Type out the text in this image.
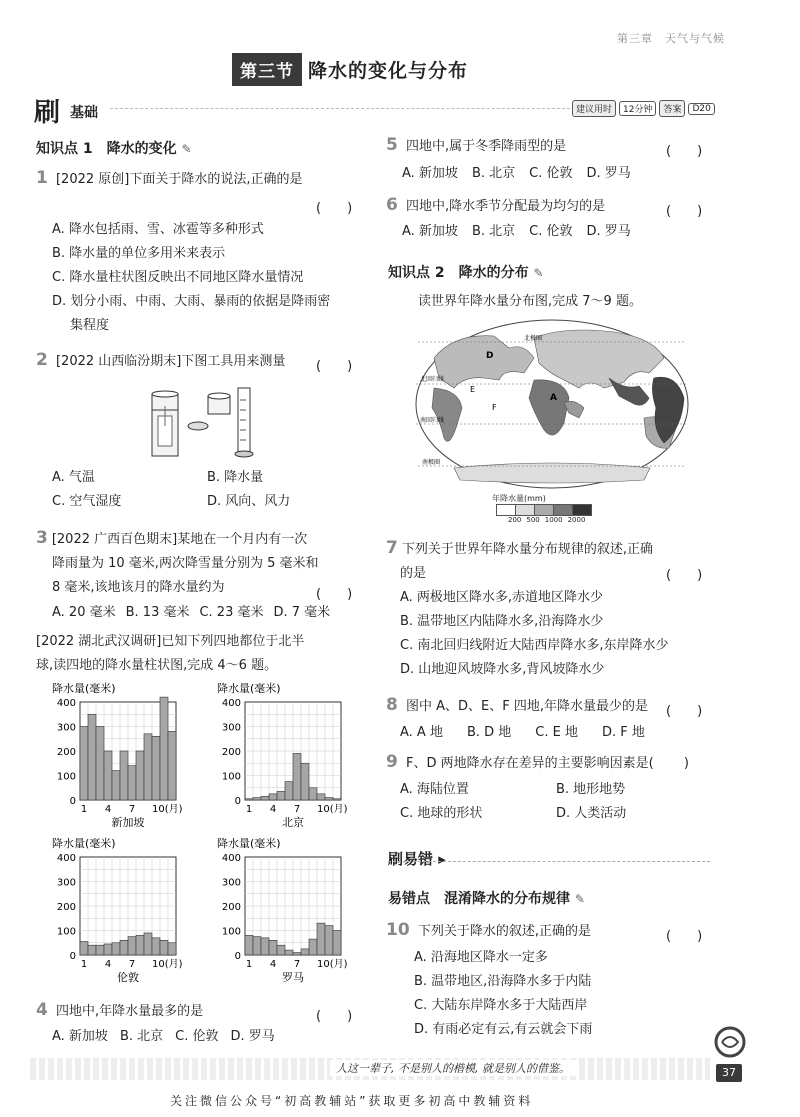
第三章　天气与气候
第三节 降水的变化与分布
刷 基础	建议用时	12分钟	答案	D20
知识点 1　降水的变化 ✎
1 [2022 原创]下面关于降水的说法,正确的是
(　　)
A. 降水包括雨、雪、冰雹等多种形式
B. 降水量的单位多用米来表示
C. 降水量柱状图反映出不同地区降水量情况
D. 划分小雨、中雨、大雨、暴雨的依据是降雨密
集程度
2 [2022 山西临汾期末]下图工具用来测量 (　　)
A. 气温	B. 降水量
C. 空气湿度	D. 风向、风力
3 [2022 广西百色期末]某地在一个月内有一次
降雨量为 10 毫米,两次降雪量分别为 5 毫米和
8 毫米,该地该月的降水量约为	(　　)
A. 20 毫米 B. 13 毫米 C. 23 毫米 D. 7 毫米
[2022 湖北武汉调研]已知下列四地都位于北半
球,读四地的降水量柱状图,完成 4～6 题。
降水量(毫米)
400
300
200
100
0
1 4 7 10(月)
新加坡
降水量(毫米)
400
300
200
100
0
1 4 7 10(月)
北京
降水量(毫米)
400
300
200
100
0
1 4 7 10(月)
伦敦
降水量(毫米)
400
300
200
100
0
1 4 7 10(月)
罗马
4 四地中,年降水量最多的是	(　　)
A. 新加坡 B. 北京 C. 伦敦 D. 罗马
5 四地中,属于冬季降雨型的是	(　　)
A. 新加坡 B. 北京 C. 伦敦 D. 罗马
6 四地中,降水季节分配最为均匀的是	(　　)
A. 新加坡 B. 北京 C. 伦敦 D. 罗马
知识点 2　降水的分布 ✎
读世界年降水量分布图,完成 7～9 题。
D
E
F
A
北回归线
南回归线
北极圈
南极圈
年降水量(mm)
200 500 1000 2000
7 下列关于世界年降水量分布规律的叙述,正确
的是	(　　)
A. 两极地区降水多,赤道地区降水少
B. 温带地区内陆降水多,沿海降水少
C. 南北回归线附近大陆西岸降水多,东岸降水少
D. 山地迎风坡降水多,背风坡降水少
8 图中 A、D、E、F 四地,年降水量最少的是 (　　)
A. A 地 B. D 地 C. E 地 D. F 地
9 F、D 两地降水存在差异的主要影响因素是( 　　)
A. 海陆位置	B. 地形地势
C. 地球的形状	D. 人类活动
刷易错 ▸
易错点　混淆降水的分布规律 ✎
10 下列关于降水的叙述,正确的是	(　　)
A. 沿海地区降水一定多
B. 温带地区,沿海降水多于内陆
C. 大陆东岸降水多于大陆西岸
D. 有雨必定有云,有云就会下雨
人这一辈子, 不是别人的楷模, 就是别人的借鉴。	37
关注微信公众号“初高教辅站”获取更多初高中教辅资料
